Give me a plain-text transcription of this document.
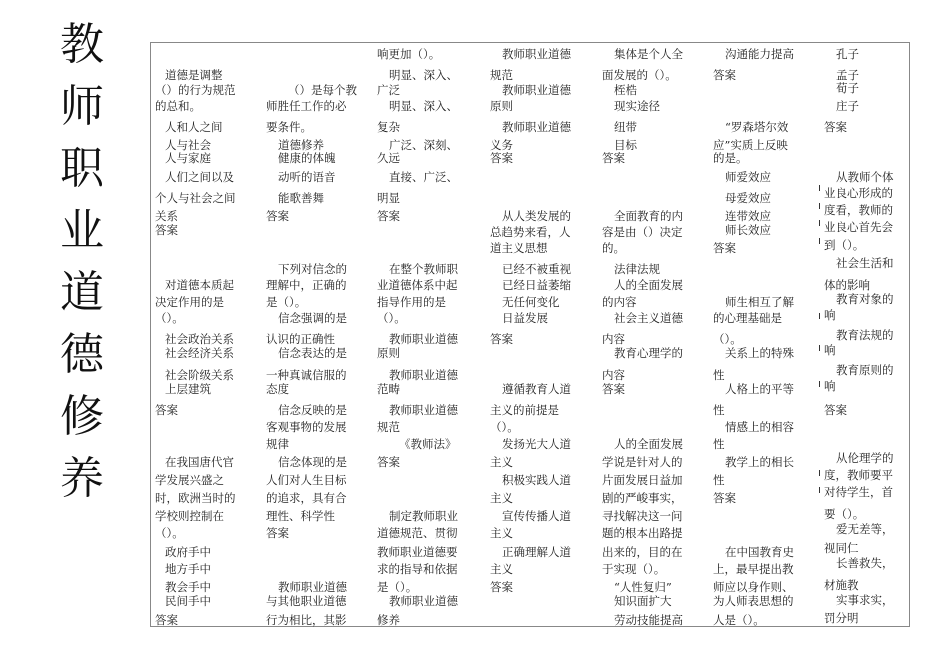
教
师
职
业
道
德
修
养
道德是调整
（）的行为规范
的总和。
人和人之间
人与社会
人与家庭
人们之间以及
个人与社会之间
关系
答案
对道德本质起
决定作用的是
（）。
社会政治关系
社会经济关系
社会阶级关系
上层建筑
答案
在我国唐代官
学发展兴盛之
时，欧洲当时的
学校则控制在
（）。
政府手中
地方手中
教会手中
民间手中
答案
（）是每个教
师胜任工作的必
要条件。
道德修养
健康的体魄
动听的语音
能歌善舞
答案
下列对信念的
理解中，正确的
是（）。
信念强调的是
认识的正确性
信念表达的是
一种真诚信服的
态度
信念反映的是
客观事物的发展
规律
信念体现的是
人们对人生目标
的追求，具有合
理性、科学性
答案
教师职业道德
与其他职业道德
行为相比，其影
响更加（）。
明显、深入、
广泛
明显、深入、
复杂
广泛、深刻、
久远
直接、广泛、
明显
答案
在整个教师职
业道德体系中起
指导作用的是
（）。
教师职业道德
原则
教师职业道德
范畴
教师职业道德
规范
《教师法》
答案
制定教师职业
道德规范、贯彻
教师职业道德要
求的指导和依据
是（）。
教师职业道德
修养
教师职业道德
规范
教师职业道德
原则
教师职业道德
义务
答案
从人类发展的
总趋势来看，人
道主义思想
已经不被重视
已经日益萎缩
无任何变化
日益发展
答案
遵循教育人道
主义的前提是
（）。
发扬光大人道
主义
积极实践人道
主义
宣传传播人道
主义
正确理解人道
主义
答案
集体是个人全
面发展的（）。
桎梏
现实途径
纽带
目标
答案
全面教育的内
容是由（）决定
的。
法律法规
人的全面发展
的内容
社会主义道德
内容
教育心理学的
内容
答案
人的全面发展
学说是针对人的
片面发展日益加
剧的严峻事实，
寻找解决这一问
题的根本出路提
出来的，目的在
于实现（）。
“人性复归”
知识面扩大
劳动技能提高
沟通能力提高
答案
“罗森塔尔效
应”实质上反映
的是。
师爱效应
母爱效应
连带效应
师长效应
答案
师生相互了解
的心理基础是
（）。
关系上的特殊
性
人格上的平等
性
情感上的相容
性
教学上的相长
性
答案
在中国教育史
上，最早提出教
师应以身作则、
为人师表思想的
人是（）。
孔子
孟子
荀子
庄子
答案
从教师个体
业良心形成的
度看，教师的
业良心首先会
到（）。
社会生活和
体的影响
教育对象的
响
教育法规的
响
教育原则的
响
答案
从伦理学的
度，教师要平
对待学生，首
要（）。
爱无差等，
视同仁
长善救失，
材施教
实事求实，
罚分明
